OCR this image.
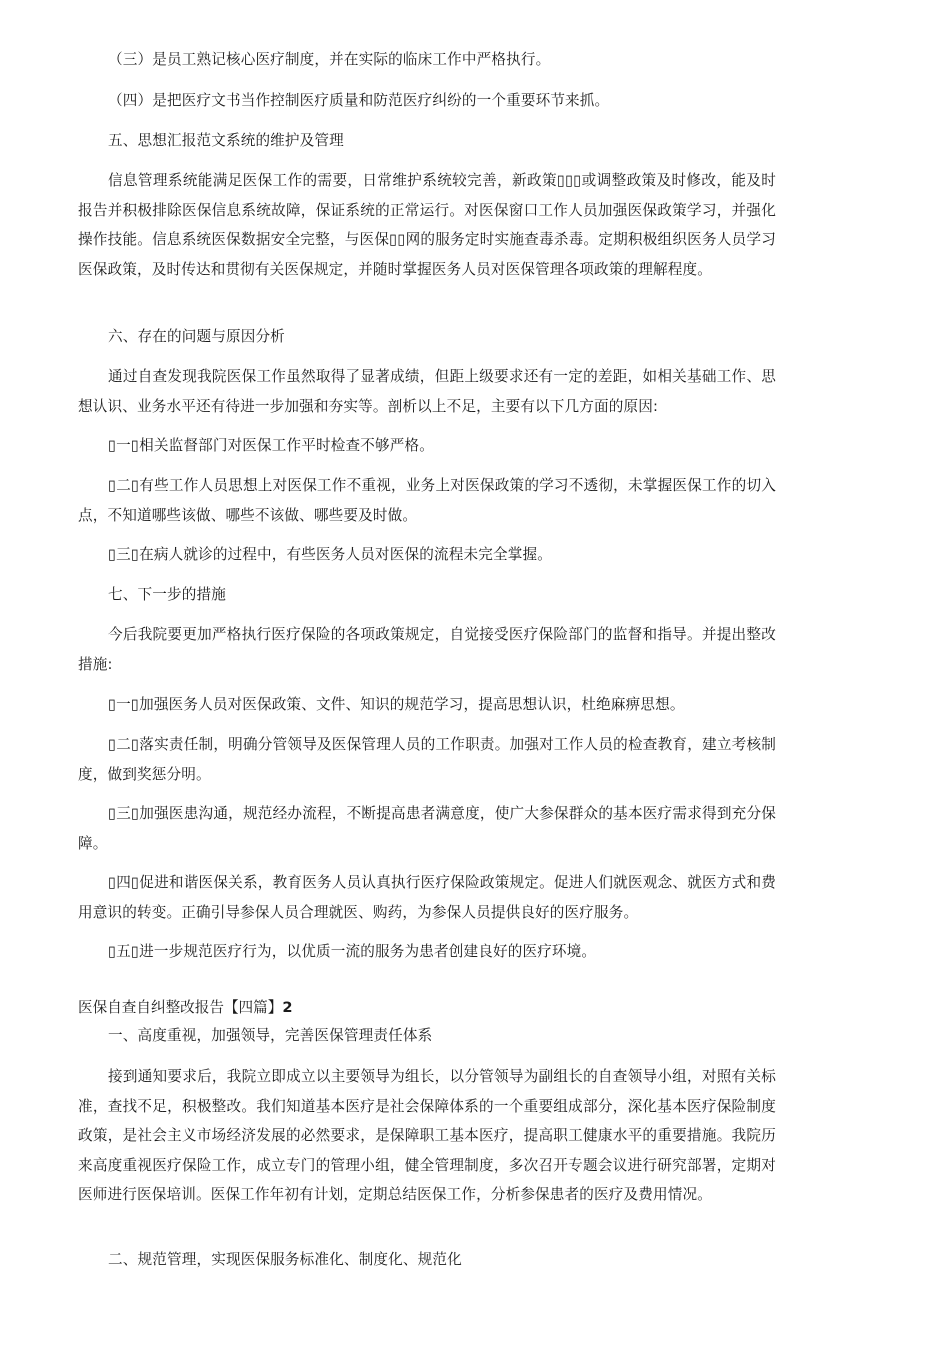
（三）是员工熟记核心医疗制度，并在实际的临床工作中严格执行。

（四）是把医疗文书当作控制医疗质量和防范医疗纠纷的一个重要环节来抓。

五、思想汇报范文系统的维护及管理

信息管理系统能满足医保工作的需要，日常维护系统较完善，新政策▯▯▯或调整政策及时修改，能及时报告并积极排除医保信息系统故障，保证系统的正常运行。对医保窗口工作人员加强医保政策学习，并强化操作技能。信息系统医保数据安全完整，与医保▯▯网的服务定时实施查毒杀毒。定期积极组织医务人员学习医保政策，及时传达和贯彻有关医保规定，并随时掌握医务人员对医保管理各项政策的理解程度。

六、存在的问题与原因分析

通过自查发现我院医保工作虽然取得了显著成绩，但距上级要求还有一定的差距，如相关基础工作、思想认识、业务水平还有待进一步加强和夯实等。剖析以上不足，主要有以下几方面的原因:

▯一▯相关监督部门对医保工作平时检查不够严格。

▯二▯有些工作人员思想上对医保工作不重视，业务上对医保政策的学习不透彻，未掌握医保工作的切入点，不知道哪些该做、哪些不该做、哪些要及时做。

▯三▯在病人就诊的过程中，有些医务人员对医保的流程未完全掌握。

七、下一步的措施

今后我院要更加严格执行医疗保险的各项政策规定，自觉接受医疗保险部门的监督和指导。并提出整改措施:

▯一▯加强医务人员对医保政策、文件、知识的规范学习，提高思想认识，杜绝麻痹思想。

▯二▯落实责任制，明确分管领导及医保管理人员的工作职责。加强对工作人员的检查教育，建立考核制度，做到奖惩分明。

▯三▯加强医患沟通，规范经办流程，不断提高患者满意度，使广大参保群众的基本医疗需求得到充分保障。

▯四▯促进和谐医保关系，教育医务人员认真执行医疗保险政策规定。促进人们就医观念、就医方式和费用意识的转变。正确引导参保人员合理就医、购药，为参保人员提供良好的医疗服务。

▯五▯进一步规范医疗行为，以优质一流的服务为患者创建良好的医疗环境。

医保自查自纠整改报告【四篇】2

一、高度重视，加强领导，完善医保管理责任体系

接到通知要求后，我院立即成立以主要领导为组长，以分管领导为副组长的自查领导小组，对照有关标准，查找不足，积极整改。我们知道基本医疗是社会保障体系的一个重要组成部分，深化基本医疗保险制度政策，是社会主义市场经济发展的必然要求，是保障职工基本医疗，提高职工健康水平的重要措施。我院历来高度重视医疗保险工作，成立专门的管理小组，健全管理制度，多次召开专题会议进行研究部署，定期对医师进行医保培训。医保工作年初有计划，定期总结医保工作，分析参保患者的医疗及费用情况。

二、规范管理，实现医保服务标准化、制度化、规范化
